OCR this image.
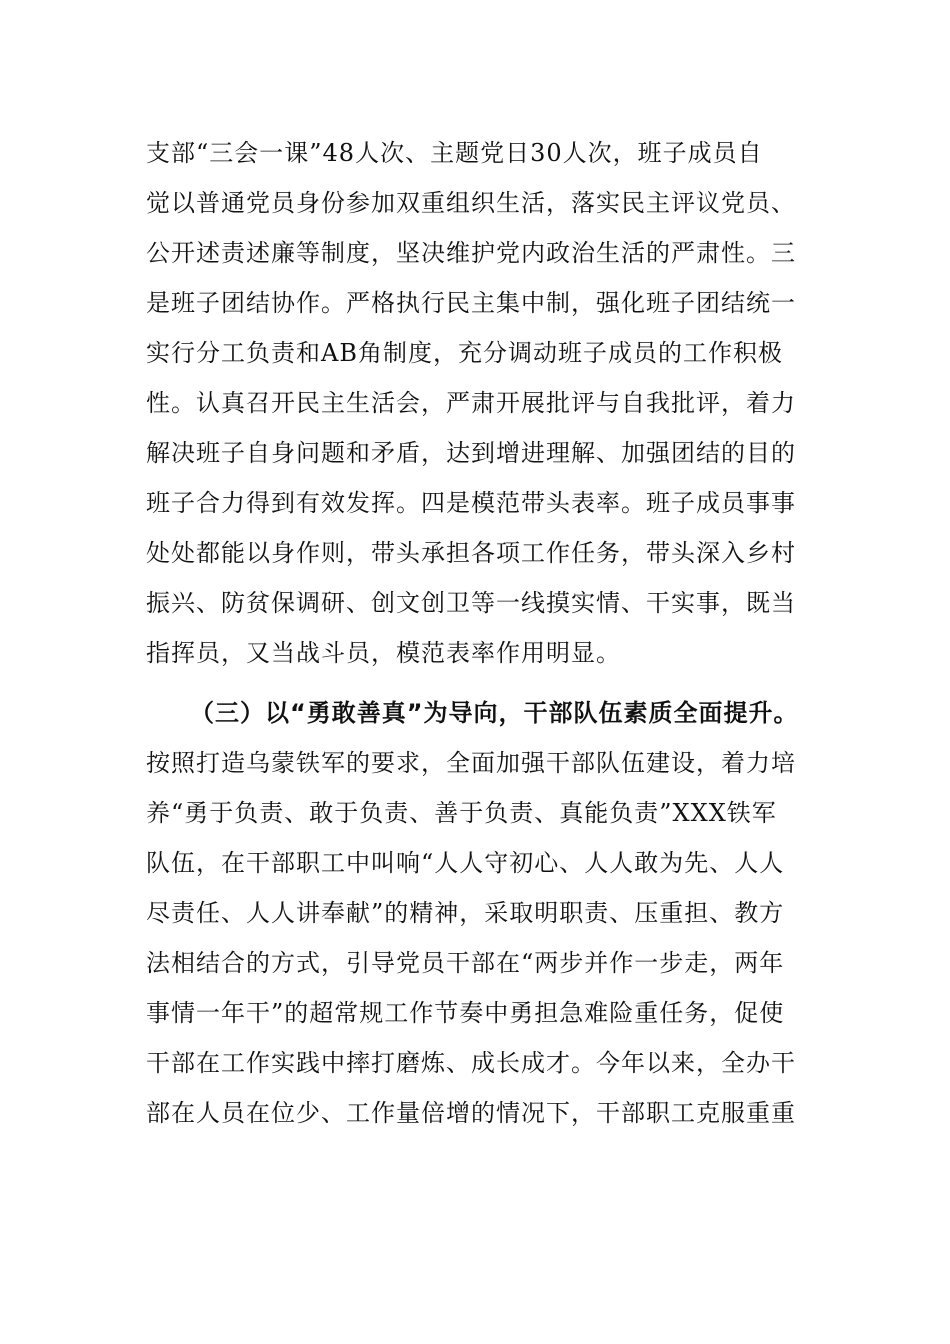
支部“三会一课”48人次、主题党日30人次，班子成员自
觉以普通党员身份参加双重组织生活，落实民主评议党员、
公开述责述廉等制度，坚决维护党内政治生活的严肃性。三
是班子团结协作。严格执行民主集中制，强化班子团结统一
实行分工负责和AB角制度，充分调动班子成员的工作积极
性。认真召开民主生活会，严肃开展批评与自我批评，着力
解决班子自身问题和矛盾，达到增进理解、加强团结的目的
班子合力得到有效发挥。四是模范带头表率。班子成员事事
处处都能以身作则，带头承担各项工作任务，带头深入乡村
振兴、防贫保调研、创文创卫等一线摸实情、干实事，既当
指挥员，又当战斗员，模范表率作用明显。
（三）以“勇敢善真”为导向，干部队伍素质全面提升。
按照打造乌蒙铁军的要求，全面加强干部队伍建设，着力培
养“勇于负责、敢于负责、善于负责、真能负责”XXX铁军
队伍，在干部职工中叫响“人人守初心、人人敢为先、人人
尽责任、人人讲奉献”的精神，采取明职责、压重担、教方
法相结合的方式，引导党员干部在“两步并作一步走，两年
事情一年干”的超常规工作节奏中勇担急难险重任务，促使
干部在工作实践中摔打磨炼、成长成才。今年以来，全办干
部在人员在位少、工作量倍增的情况下，干部职工克服重重
